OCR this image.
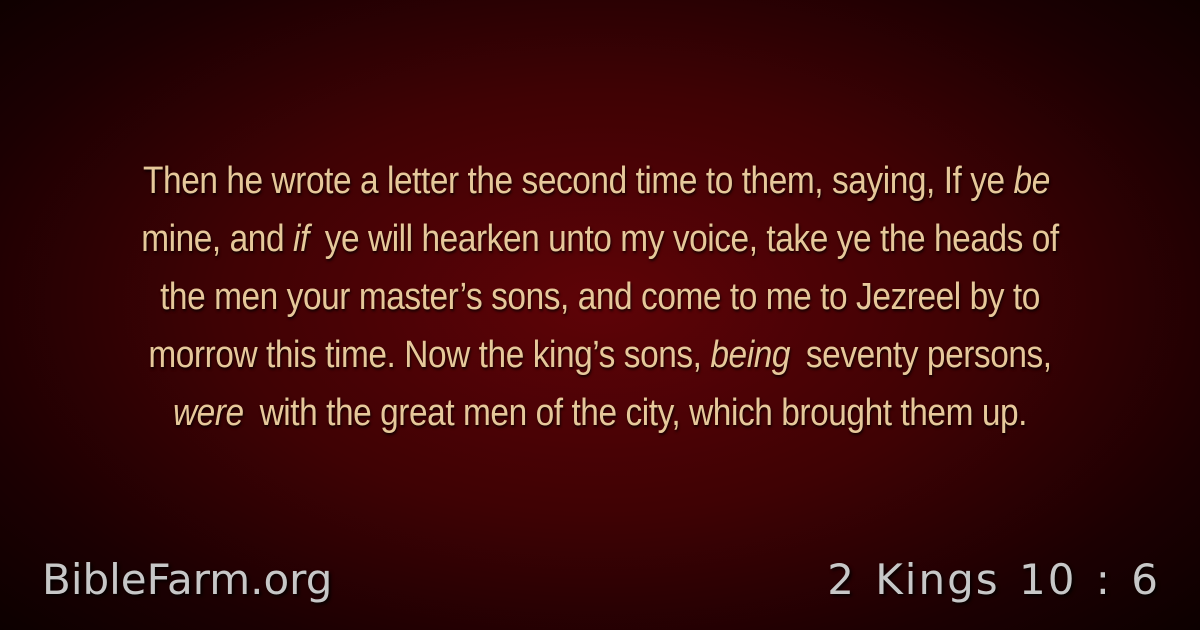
Then he wrote a letter the second time to them, saying, If ye be
mine, and if ye will hearken unto my voice, take ye the heads of
the men your master’s sons, and come to me to Jezreel by to
morrow this time. Now the king’s sons, being seventy persons,
were with the great men of the city, which brought them up.
BibleFarm.org	2 Kings 10 : 6
